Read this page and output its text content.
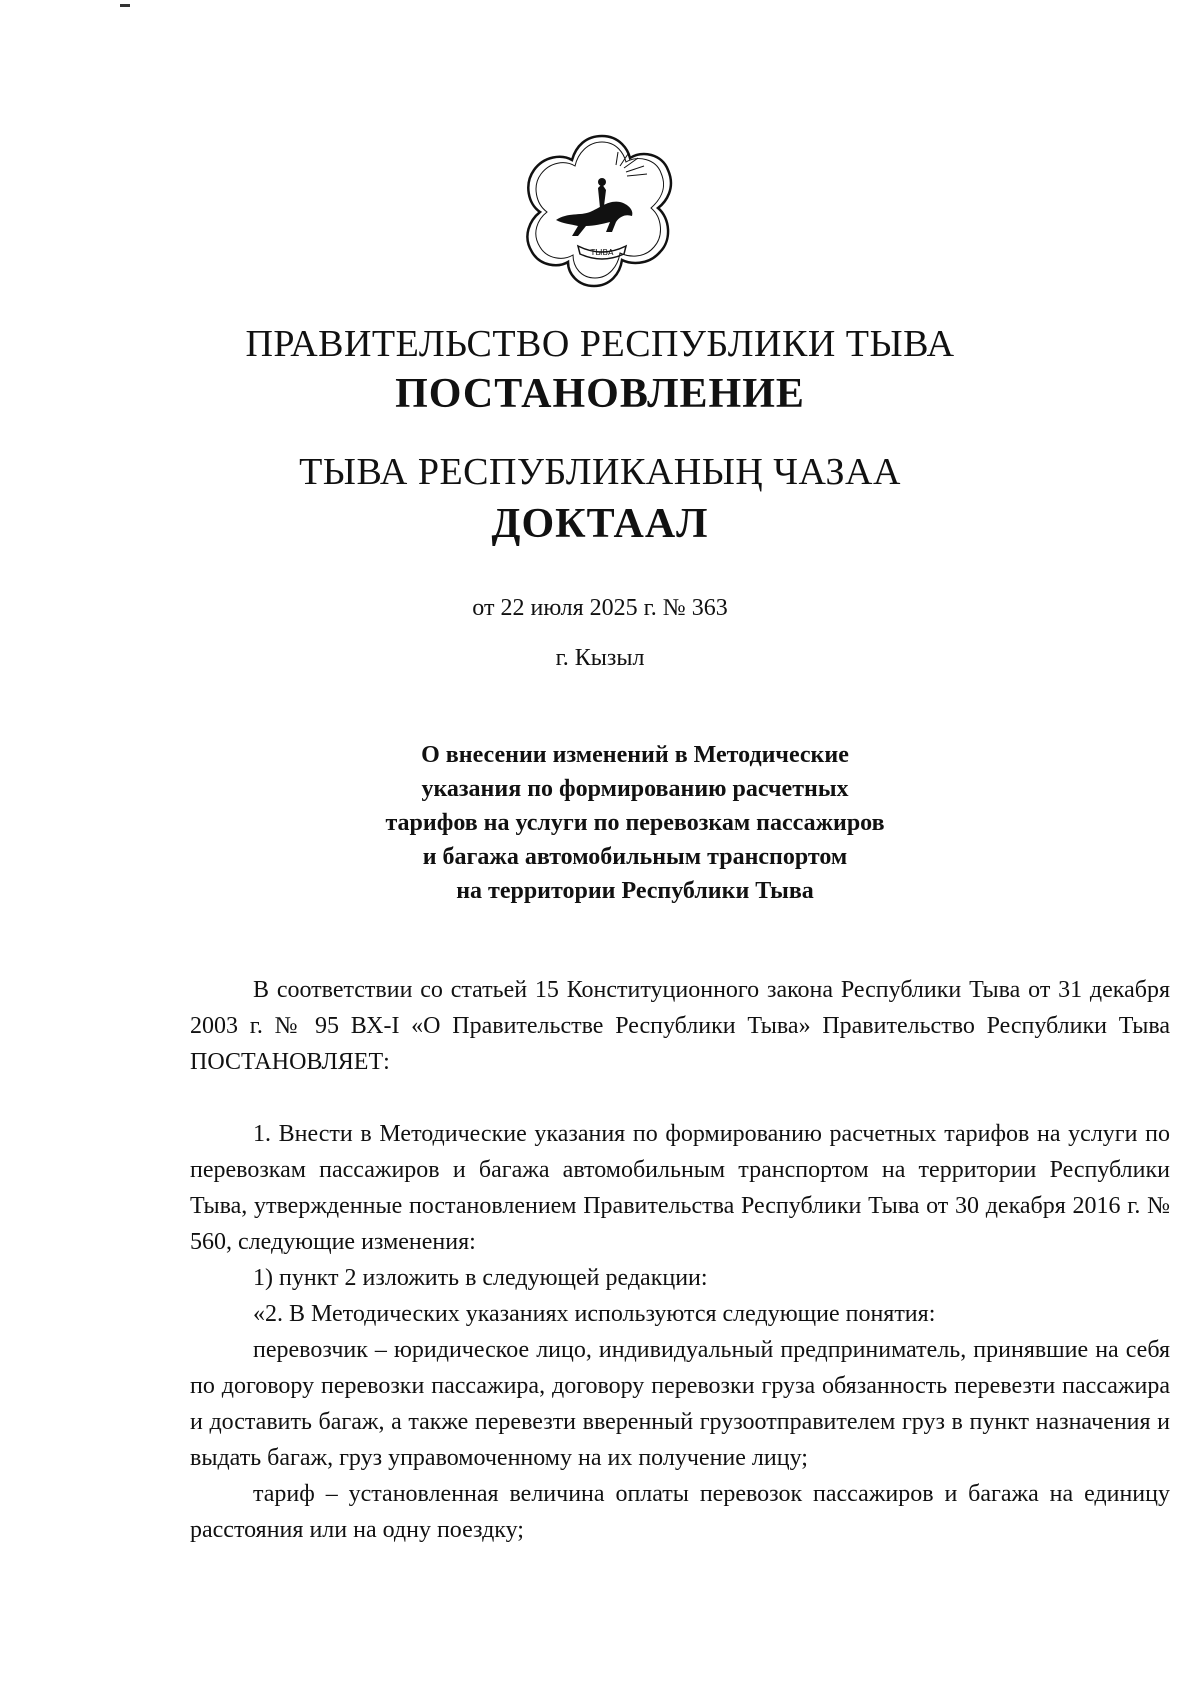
ТЫВА
ПРАВИТЕЛЬСТВО РЕСПУБЛИКИ ТЫВА
ПОСТАНОВЛЕНИЕ
ТЫВА РЕСПУБЛИКАНЫҢ ЧАЗАА
ДОКТААЛ
от 22 июля 2025 г. № 363
г. Кызыл
О внесении изменений в Методические
указания по формированию расчетных
тарифов на услуги по перевозкам пассажиров
и багажа автомобильным транспортом
на территории Республики Тыва

В соответствии со статьей 15 Конституционного закона Республики Тыва от 31 декабря 2003 г. № 95 ВХ-I «О Правительстве Республики Тыва» Правительство Республики Тыва ПОСТАНОВЛЯЕТ:

1. Внести в Методические указания по формированию расчетных тарифов на услуги по перевозкам пассажиров и багажа автомобильным транспортом на территории Республики Тыва, утвержденные постановлением Правительства Республики Тыва от 30 декабря 2016 г. № 560, следующие изменения:

1) пункт 2 изложить в следующей редакции:

«2. В Методических указаниях используются следующие понятия:

перевозчик – юридическое лицо, индивидуальный предприниматель, принявшие на себя по договору перевозки пассажира, договору перевозки груза обязанность перевезти пассажира и доставить багаж, а также перевезти вверенный грузоотправителем груз в пункт назначения и выдать багаж, груз управомоченному на их получение лицу;

тариф – установленная величина оплаты перевозок пассажиров и багажа на единицу расстояния или на одну поездку;
